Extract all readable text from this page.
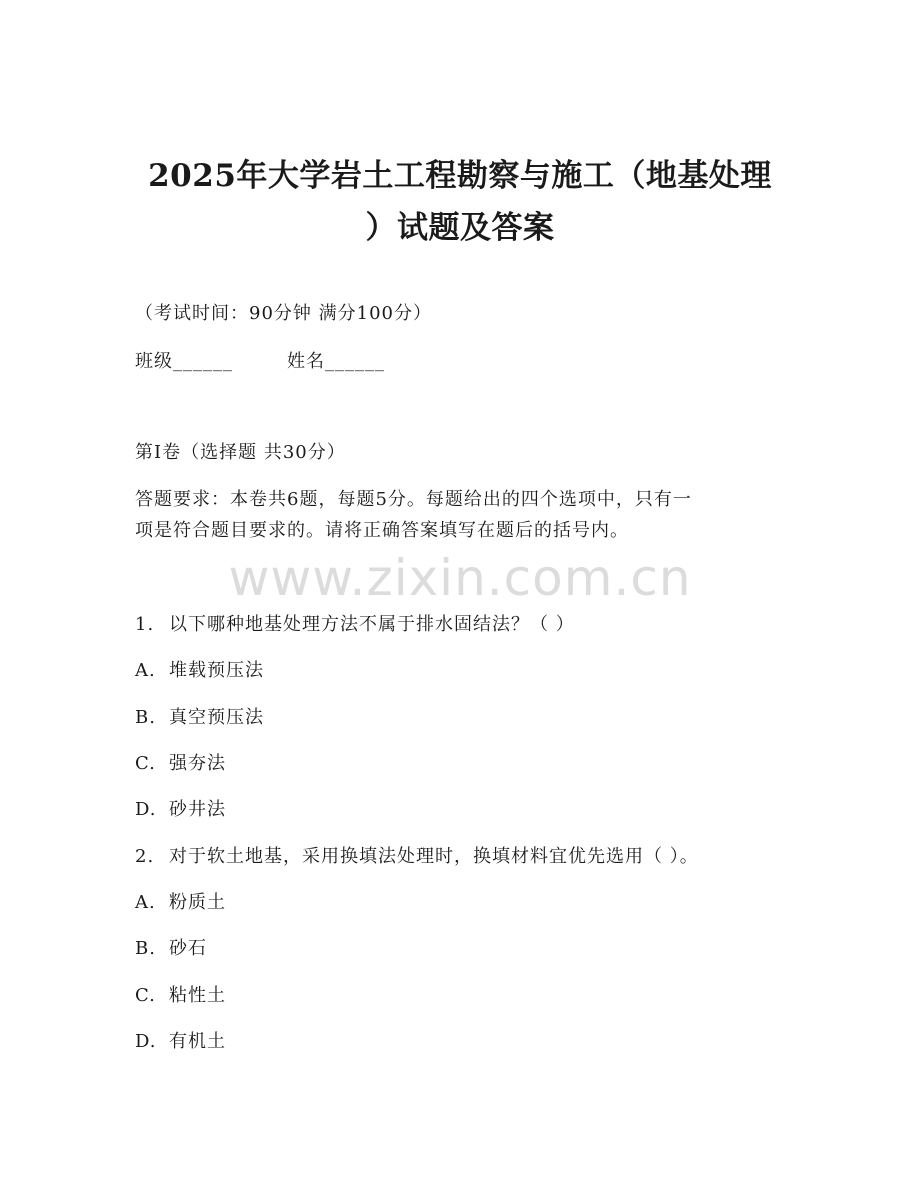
2025年大学岩土工程勘察与施工（地基处理
）试题及答案
（考试时间：90分钟 满分100分）
班级______	姓名______
第I卷（选择题 共30分）
答题要求：本卷共6题，每题5分。每题给出的四个选项中，只有一
项是符合题目要求的。请将正确答案填写在题后的括号内。
www.zixin.com.cn
1. 以下哪种地基处理方法不属于排水固结法？（ ）
A. 堆载预压法
B. 真空预压法
C. 强夯法
D. 砂井法
2. 对于软土地基，采用换填法处理时，换填材料宜优先选用（ ）。
A. 粉质土
B. 砂石
C. 粘性土
D. 有机土
